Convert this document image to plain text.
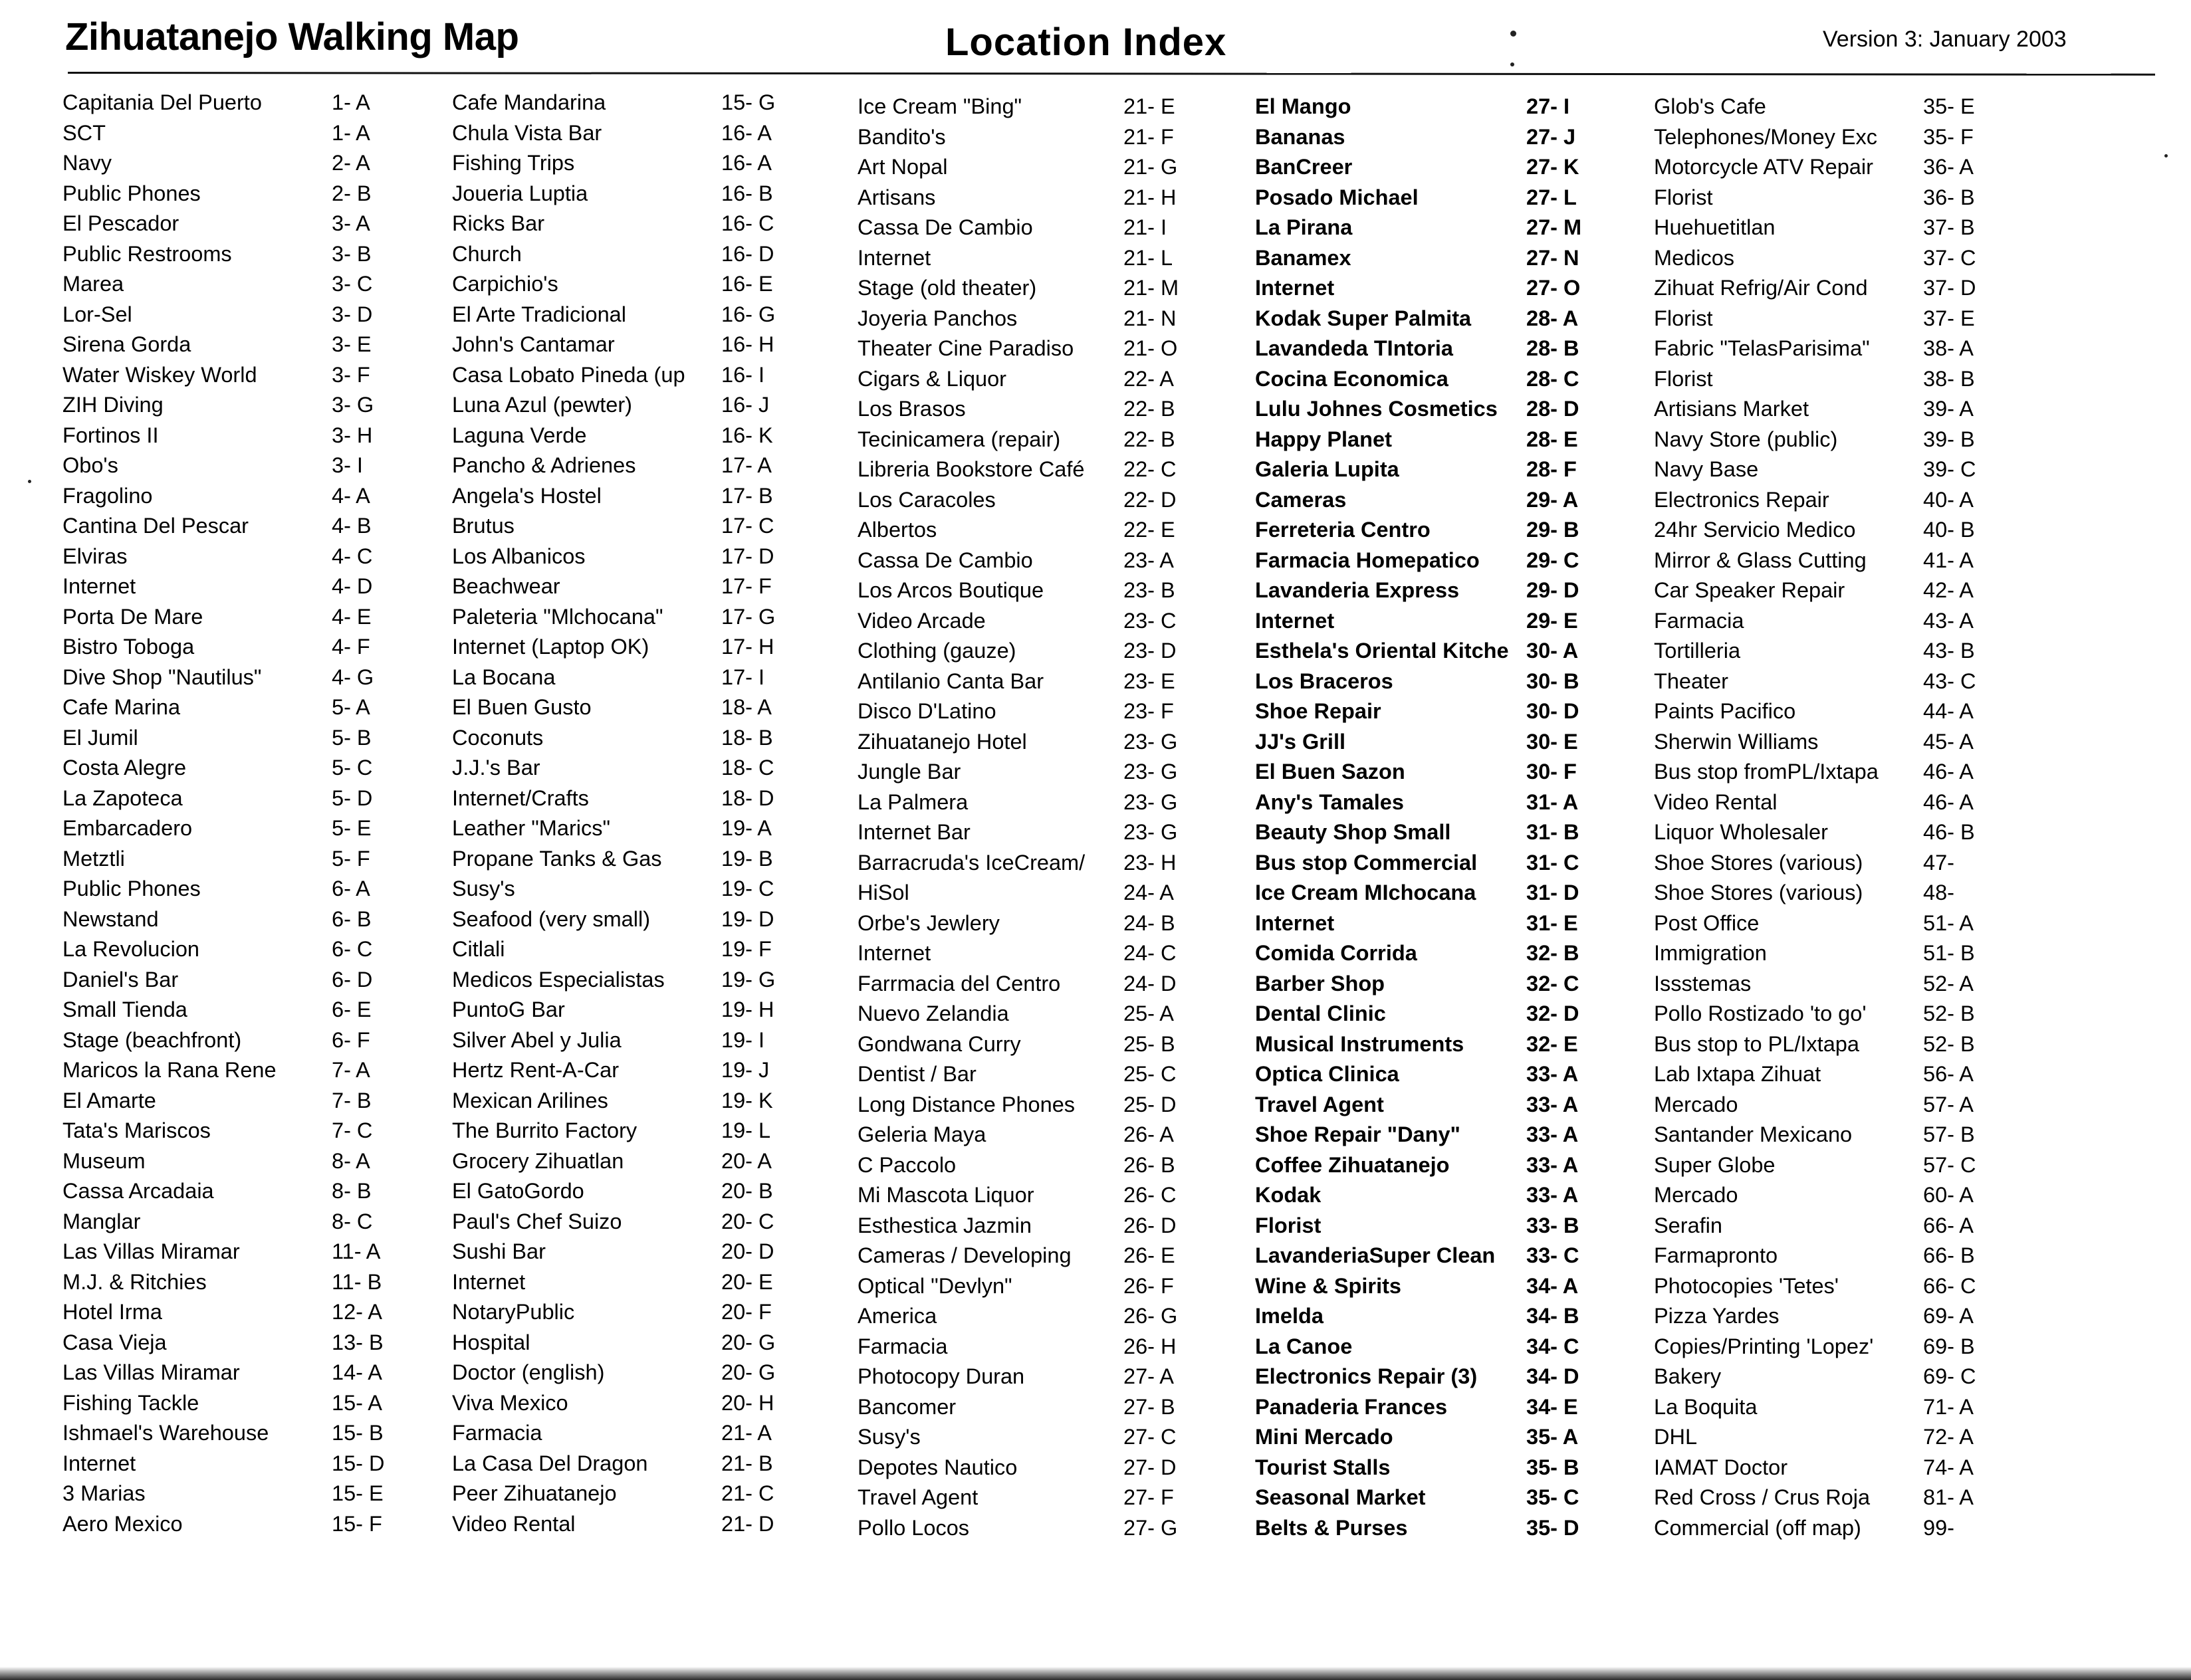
Zihuatanejo Walking Map	Location Index	Version 3: January 2003
Capitania Del Puerto	1- A
SCT	1- A
Navy	2- A
Public Phones	2- B
El Pescador	3- A
Public Restrooms	3- B
Marea	3- C
Lor-Sel	3- D
Sirena Gorda	3- E
Water Wiskey World	3- F
ZIH Diving	3- G
Fortinos II	3- H
Obo's	3- I
Fragolino	4- A
Cantina Del Pescar	4- B
Elviras	4- C
Internet	4- D
Porta De Mare	4- E
Bistro Toboga	4- F
Dive Shop "Nautilus"	4- G
Cafe Marina	5- A
El Jumil	5- B
Costa Alegre	5- C
La Zapoteca	5- D
Embarcadero	5- E
Metztli	5- F
Public Phones	6- A
Newstand	6- B
La Revolucion	6- C
Daniel's Bar	6- D
Small Tienda	6- E
Stage (beachfront)	6- F
Maricos la Rana Rene	7- A
El Amarte	7- B
Tata's Mariscos	7- C
Museum	8- A
Cassa Arcadaia	8- B
Manglar	8- C
Las Villas Miramar	11- A
M.J. & Ritchies	11- B
Hotel Irma	12- A
Casa Vieja	13- B
Las Villas Miramar	14- A
Fishing Tackle	15- A
Ishmael's Warehouse	15- B
Internet	15- D
3 Marias	15- E
Aero Mexico	15- F
Cafe Mandarina	15- G
Chula Vista Bar	16- A
Fishing Trips	16- A
Joueria Luptia	16- B
Ricks Bar	16- C
Church	16- D
Carpichio's	16- E
El Arte Tradicional	16- G
John's Cantamar	16- H
Casa Lobato Pineda (up 16- I
Luna Azul (pewter)	16- J
Laguna Verde	16- K
Pancho & Adrienes	17- A
Angela's Hostel	17- B
Brutus	17- C
Los Albanicos	17- D
Beachwear	17- F
Paleteria "Mlchocana"	17- G
Internet (Laptop OK)	17- H
La Bocana	17- I
El Buen Gusto	18- A
Coconuts	18- B
J.J.'s Bar	18- C
Internet/Crafts	18- D
Leather "Marics"	19- A
Propane Tanks & Gas	19- B
Susy's	19- C
Seafood (very small)	19- D
Citlali	19- F
Medicos Especialistas	19- G
PuntoG Bar	19- H
Silver Abel y Julia	19- I
Hertz Rent-A-Car	19- J
Mexican Arilines	19- K
The Burrito Factory	19- L
Grocery Zihuatlan	20- A
El GatoGordo	20- B
Paul's Chef Suizo	20- C
Sushi Bar	20- D
Internet	20- E
NotaryPublic	20- F
Hospital	20- G
Doctor (english)	20- G
Viva Mexico	20- H
Farmacia	21- A
La Casa Del Dragon	21- B
Peer Zihuatanejo	21- C
Video Rental	21- D
Ice Cream "Bing"	21- E
Bandito's	21- F
Art Nopal	21- G
Artisans	21- H
Cassa De Cambio	21- I
Internet	21- L
Stage (old theater)	21- M
Joyeria Panchos	21- N
Theater Cine Paradiso 21- O
Cigars & Liquor	22- A
Los Brasos	22- B
Tecinicamera (repair)	22- B
Libreria Bookstore Café 22- C
Los Caracoles	22- D
Albertos	22- E
Cassa De Cambio	23- A
Los Arcos Boutique	23- B
Video Arcade	23- C
Clothing (gauze)	23- D
Antilanio Canta Bar	23- E
Disco D'Latino	23- F
Zihuatanejo Hotel	23- G
Jungle Bar	23- G
La Palmera	23- G
Internet Bar	23- G
Barracruda's IceCream/ 23- H
HiSol	24- A
Orbe's Jewlery	24- B
Internet	24- C
Farrmacia del Centro	24- D
Nuevo Zelandia	25- A
Gondwana Curry	25- B
Dentist / Bar	25- C
Long Distance Phones 25- D
Geleria Maya	26- A
C Paccolo	26- B
Mi Mascota Liquor	26- C
Esthestica Jazmin	26- D
Cameras / Developing 26- E
Optical "Devlyn"	26- F
America	26- G
Farmacia	26- H
Photocopy Duran	27- A
Bancomer	27- B
Susy's	27- C
Depotes Nautico	27- D
Travel Agent	27- F
Pollo Locos	27- G
El Mango	27- I
Bananas	27- J
BanCreer	27- K
Posado Michael	27- L
La Pirana	27- M
Banamex	27- N
Internet	27- O
Kodak Super Palmita	28- A
Lavandeda TIntoria	28- B
Cocina Economica	28- C
Lulu Johnes Cosmetics 28- D
Happy Planet	28- E
Galeria Lupita	28- F
Cameras	29- A
Ferreteria Centro	29- B
Farmacia Homepatico 29- C
Lavanderia Express	29- D
Internet	29- E
Esthela's Oriental Kitche 30- A
Los Braceros	30- B
Shoe Repair	30- D
JJ's Grill	30- E
El Buen Sazon	30- F
Any's Tamales	31- A
Beauty Shop Small	31- B
Bus stop Commercial 31- C
Ice Cream MIchocana 31- D
Internet	31- E
Comida Corrida	32- B
Barber Shop	32- C
Dental Clinic	32- D
Musical Instruments	32- E
Optica Clinica	33- A
Travel Agent	33- A
Shoe Repair "Dany"	33- A
Coffee Zihuatanejo	33- A
Kodak	33- A
Florist	33- B
LavanderiaSuper Clean 33- C
Wine & Spirits	34- A
Imelda	34- B
La Canoe	34- C
Electronics Repair (3) 34- D
Panaderia Frances	34- E
Mini Mercado	35- A
Tourist Stalls	35- B
Seasonal Market	35- C
Belts & Purses	35- D
Glob's Cafe	35- E
Telephones/Money Exc 35- F
Motorcycle ATV Repair 36- A
Florist	36- B
Huehuetitlan	37- B
Medicos	37- C
Zihuat Refrig/Air Cond	37- D
Florist	37- E
Fabric "TelasParisima" 38- A
Florist	38- B
Artisians Market	39- A
Navy Store (public)	39- B
Navy Base	39- C
Electronics Repair	40- A
24hr Servicio Medico	40- B
Mirror & Glass Cutting	41- A
Car Speaker Repair	42- A
Farmacia	43- A
Tortilleria	43- B
Theater	43- C
Paints Pacifico	44- A
Sherwin Williams	45- A
Bus stop fromPL/Ixtapa 46- A
Video Rental	46- A
Liquor Wholesaler	46- B
Shoe Stores (various)	47-
Shoe Stores (various)	48-
Post Office	51- A
Immigration	51- B
Issstemas	52- A
Pollo Rostizado 'to go'	52- B
Bus stop to PL/Ixtapa	52- B
Lab Ixtapa Zihuat	56- A
Mercado	57- A
Santander Mexicano	57- B
Super Globe	57- C
Mercado	60- A
Serafin	66- A
Farmapronto	66- B
Photocopies 'Tetes'	66- C
Pizza Yardes	69- A
Copies/Printing 'Lopez' 69- B
Bakery	69- C
La Boquita	71- A
DHL	72- A
IAMAT Doctor	74- A
Red Cross / Crus Roja 81- A
Commercial (off map)	99-
